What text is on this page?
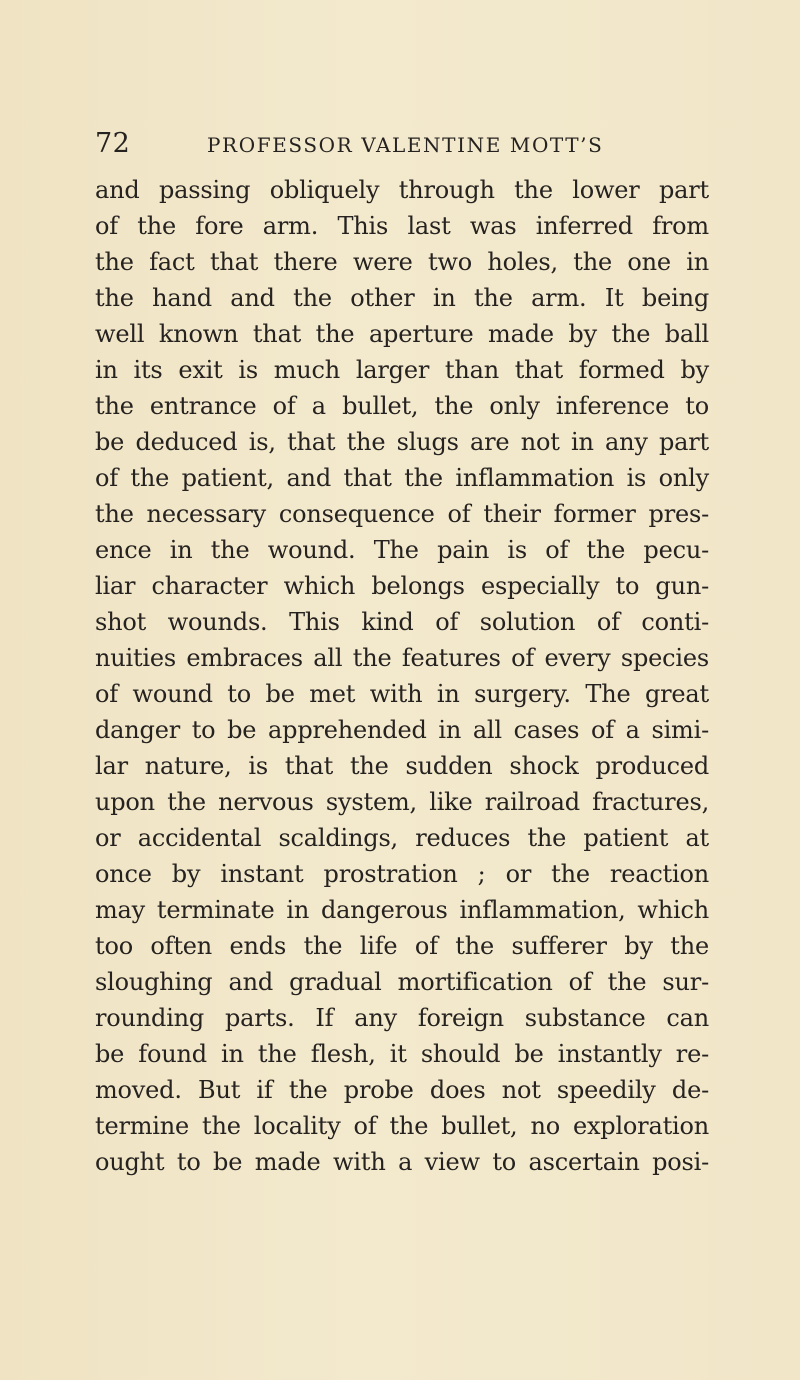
72	PROFESSOR VALENTINE MOTT’S
and passing obliquely through the lower part
of the fore arm. This last was inferred from
the fact that there were two holes, the one in
the hand and the other in the arm. It being
well known that the aperture made by the ball
in its exit is much larger than that formed by
the entrance of a bullet, the only inference to
be deduced is, that the slugs are not in any part
of the patient, and that the inflammation is only
the necessary consequence of their former pres-
ence in the wound. The pain is of the pecu-
liar character which belongs especially to gun-
shot wounds. This kind of solution of conti-
nuities embraces all the features of every species
of wound to be met with in surgery. The great
danger to be apprehended in all cases of a simi-
lar nature, is that the sudden shock produced
upon the nervous system, like railroad fractures,
or accidental scaldings, reduces the patient at
once by instant prostration ; or the reaction
may terminate in dangerous inflammation, which
too often ends the life of the sufferer by the
sloughing and gradual mortification of the sur-
rounding parts. If any foreign substance can
be found in the flesh, it should be instantly re-
moved. But if the probe does not speedily de-
termine the locality of the bullet, no exploration
ought to be made with a view to ascertain posi-
